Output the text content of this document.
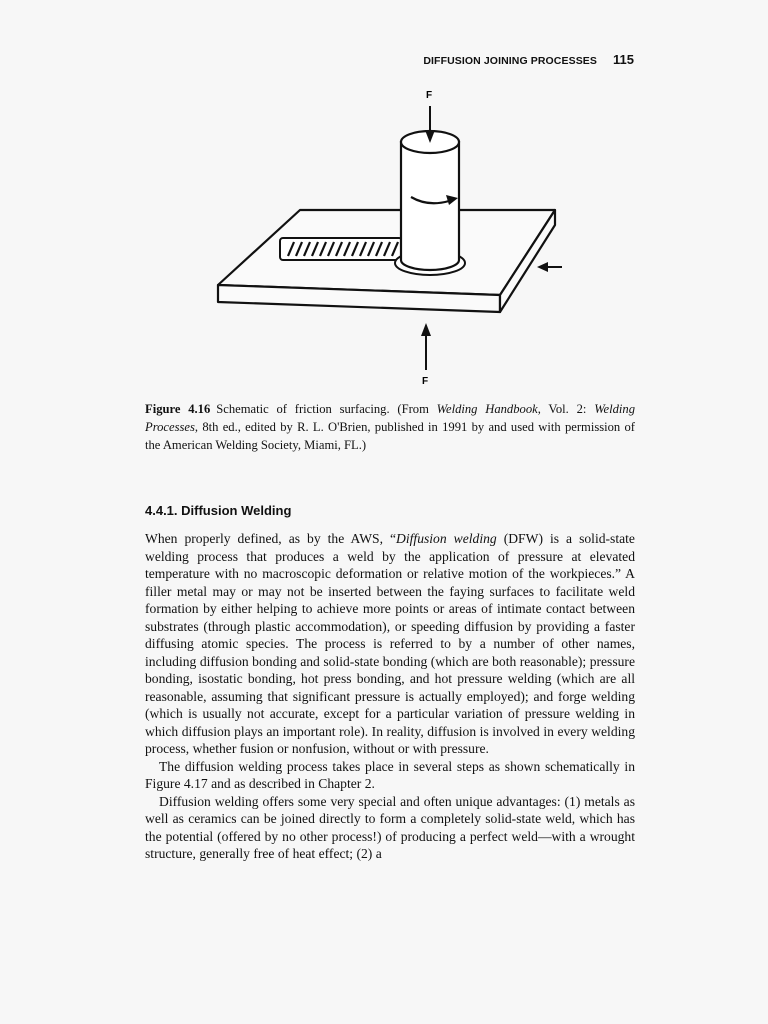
DIFFUSION JOINING PROCESSES 115
F
F
Figure 4.16 Schematic of friction surfacing. (From Welding Handbook, Vol. 2: Welding Processes, 8th ed., edited by R. L. O'Brien, published in 1991 by and used with permission of the American Welding Society, Miami, FL.)
4.4.1. Diffusion Welding

When properly defined, as by the AWS, “Diffusion welding (DFW) is a solid-state welding process that produces a weld by the application of pressure at elevated temperature with no macroscopic deformation or relative motion of the workpieces.” A filler metal may or may not be inserted between the faying surfaces to facilitate weld formation by either helping to achieve more points or areas of intimate contact between substrates (through plastic accommodation), or speeding diffusion by providing a faster diffusing atomic species. The process is referred to by a number of other names, including diffusion bonding and solid-state bonding (which are both reasonable); pressure bonding, isostatic bonding, hot press bonding, and hot pressure welding (which are all reasonable, assuming that significant pressure is actually employed); and forge welding (which is usually not accurate, except for a particular variation of pressure welding in which diffusion plays an important role). In reality, diffusion is involved in every welding process, whether fusion or nonfusion, without or with pressure.

The diffusion welding process takes place in several steps as shown schematically in Figure 4.17 and as described in Chapter 2.

Diffusion welding offers some very special and often unique advantages: (1) metals as well as ceramics can be joined directly to form a completely solid-state weld, which has the potential (offered by no other process!) of producing a perfect weld—with a wrought structure, generally free of heat effect; (2) a
